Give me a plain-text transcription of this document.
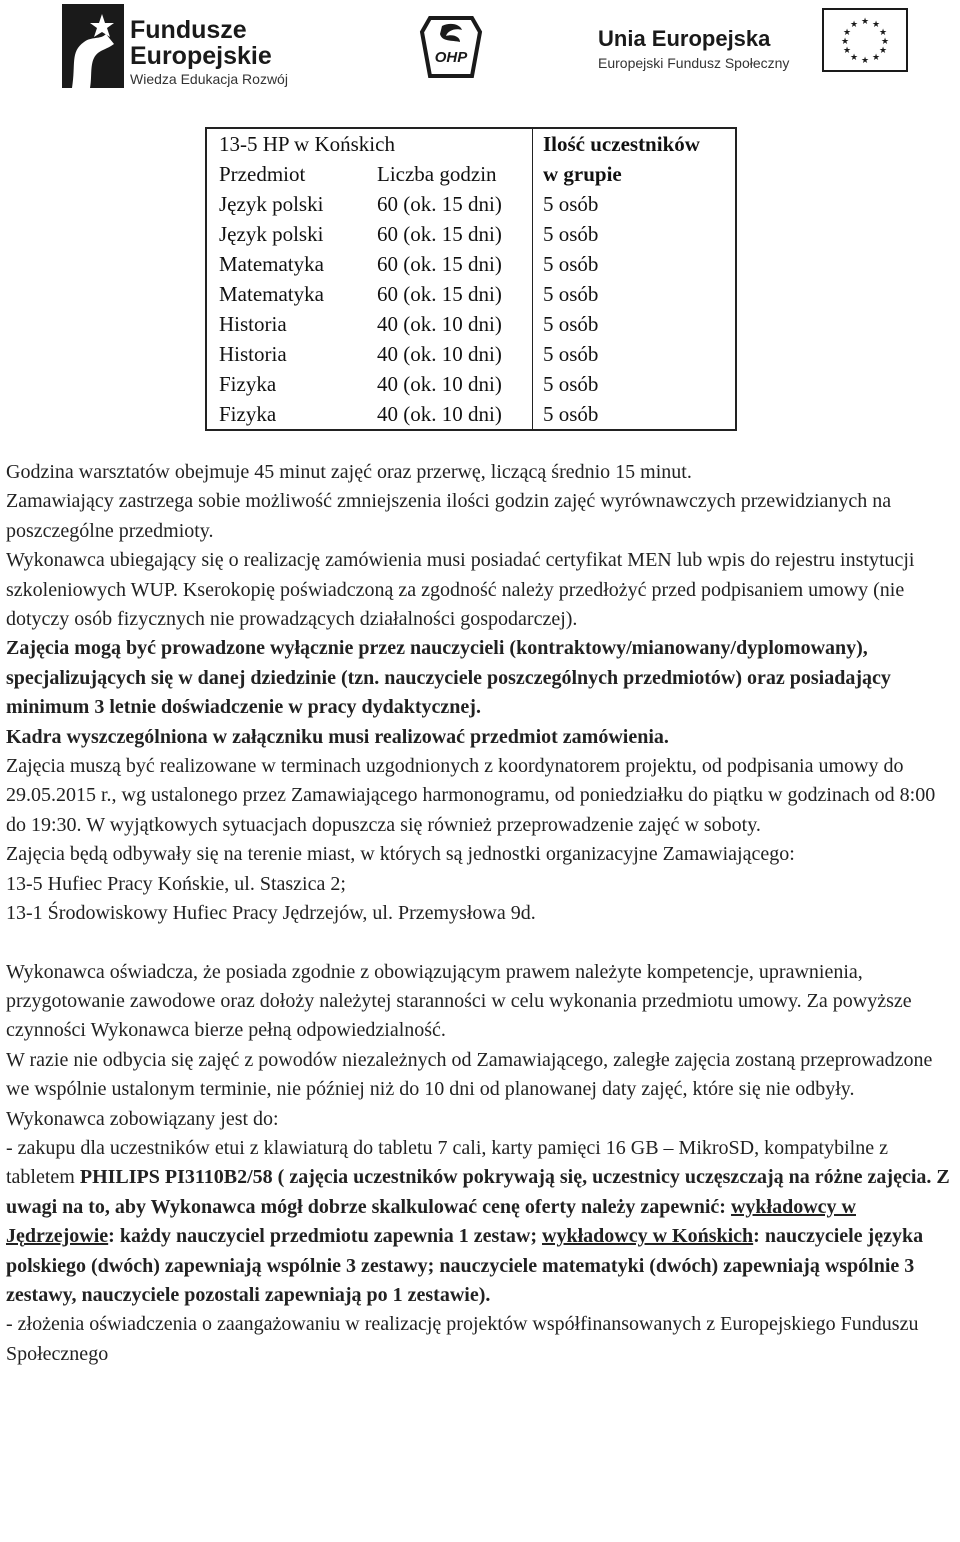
Fundusze
Europejskie
Wiedza Edukacja Rozwój
OHP
Unia Europejska
Europejski Fundusz Społeczny
★ ★
★
★
★
★
★
★
★
★
★
★
13-5 HP w Końskich		Ilość uczestników
Przedmiot	Liczba godzin	w grupie
Język polski	60 (ok. 15 dni)	5 osób
Język polski	60 (ok. 15 dni)	5 osób
Matematyka	60 (ok. 15 dni)	5 osób
Matematyka	60 (ok. 15 dni)	5 osób
Historia	40 (ok. 10 dni)	5 osób
Historia	40 (ok. 10 dni)	5 osób
Fizyka	40 (ok. 10 dni)	5 osób
Fizyka	40 (ok. 10 dni)	5 osób

Godzina warsztatów obejmuje 45 minut zajęć oraz przerwę, liczącą średnio 15 minut.

Zamawiający zastrzega sobie możliwość zmniejszenia ilości godzin zajęć wyrównawczych przewidzianych na poszczególne przedmioty.

Wykonawca ubiegający się o realizację zamówienia musi posiadać certyfikat MEN lub wpis do rejestru instytucji szkoleniowych WUP. Kserokopię poświadczoną za zgodność należy przedłożyć przed podpisaniem umowy (nie dotyczy osób fizycznych nie prowadzących działalności gospodarczej).

Zajęcia mogą być prowadzone wyłącznie przez nauczycieli (kontraktowy/mianowany/dyplomowany), specjalizujących się w danej dziedzinie (tzn. nauczyciele poszczególnych przedmiotów) oraz posiadający minimum 3 letnie doświadczenie w pracy dydaktycznej.

Kadra wyszczególniona w załączniku musi realizować przedmiot zamówienia.

Zajęcia muszą być realizowane w terminach uzgodnionych z koordynatorem projektu, od podpisania umowy do 29.05.2015 r., wg ustalonego przez Zamawiającego harmonogramu, od poniedziałku do piątku w godzinach od 8:00 do 19:30. W wyjątkowych sytuacjach dopuszcza się również przeprowadzenie zajęć w soboty.

Zajęcia będą odbywały się na terenie miast, w których są jednostki organizacyjne Zamawiającego:

13-5 Hufiec Pracy Końskie, ul. Staszica 2;

13-1 Środowiskowy Hufiec Pracy Jędrzejów, ul. Przemysłowa 9d.

Wykonawca oświadcza, że posiada zgodnie z obowiązującym prawem należyte kompetencje, uprawnienia, przygotowanie zawodowe oraz dołoży należytej staranności w celu wykonania przedmiotu umowy. Za powyższe czynności Wykonawca bierze pełną odpowiedzialność.

W razie nie odbycia się zajęć z powodów niezależnych od Zamawiającego, zaległe zajęcia zostaną przeprowadzone we wspólnie ustalonym terminie, nie później niż do 10 dni od planowanej daty zajęć, które się nie odbyły.

Wykonawca zobowiązany jest do:

- zakupu dla uczestników etui z klawiaturą do tabletu 7 cali, karty pamięci 16 GB – MikroSD, kompatybilne z tabletem PHILIPS PI3110B2/58 ( zajęcia uczestników pokrywają się, uczestnicy uczęszczają na różne zajęcia. Z uwagi na to, aby Wykonawca mógł dobrze skalkulować cenę oferty należy zapewnić: wykładowcy w Jędrzejowie: każdy nauczyciel przedmiotu zapewnia 1 zestaw; wykładowcy w Końskich: nauczyciele języka polskiego (dwóch) zapewniają wspólnie 3 zestawy; nauczyciele matematyki (dwóch) zapewniają wspólnie 3 zestawy, nauczyciele pozostali zapewniają po 1 zestawie).

- złożenia oświadczenia o zaangażowaniu w realizację projektów współfinansowanych z Europejskiego Funduszu Społecznego
